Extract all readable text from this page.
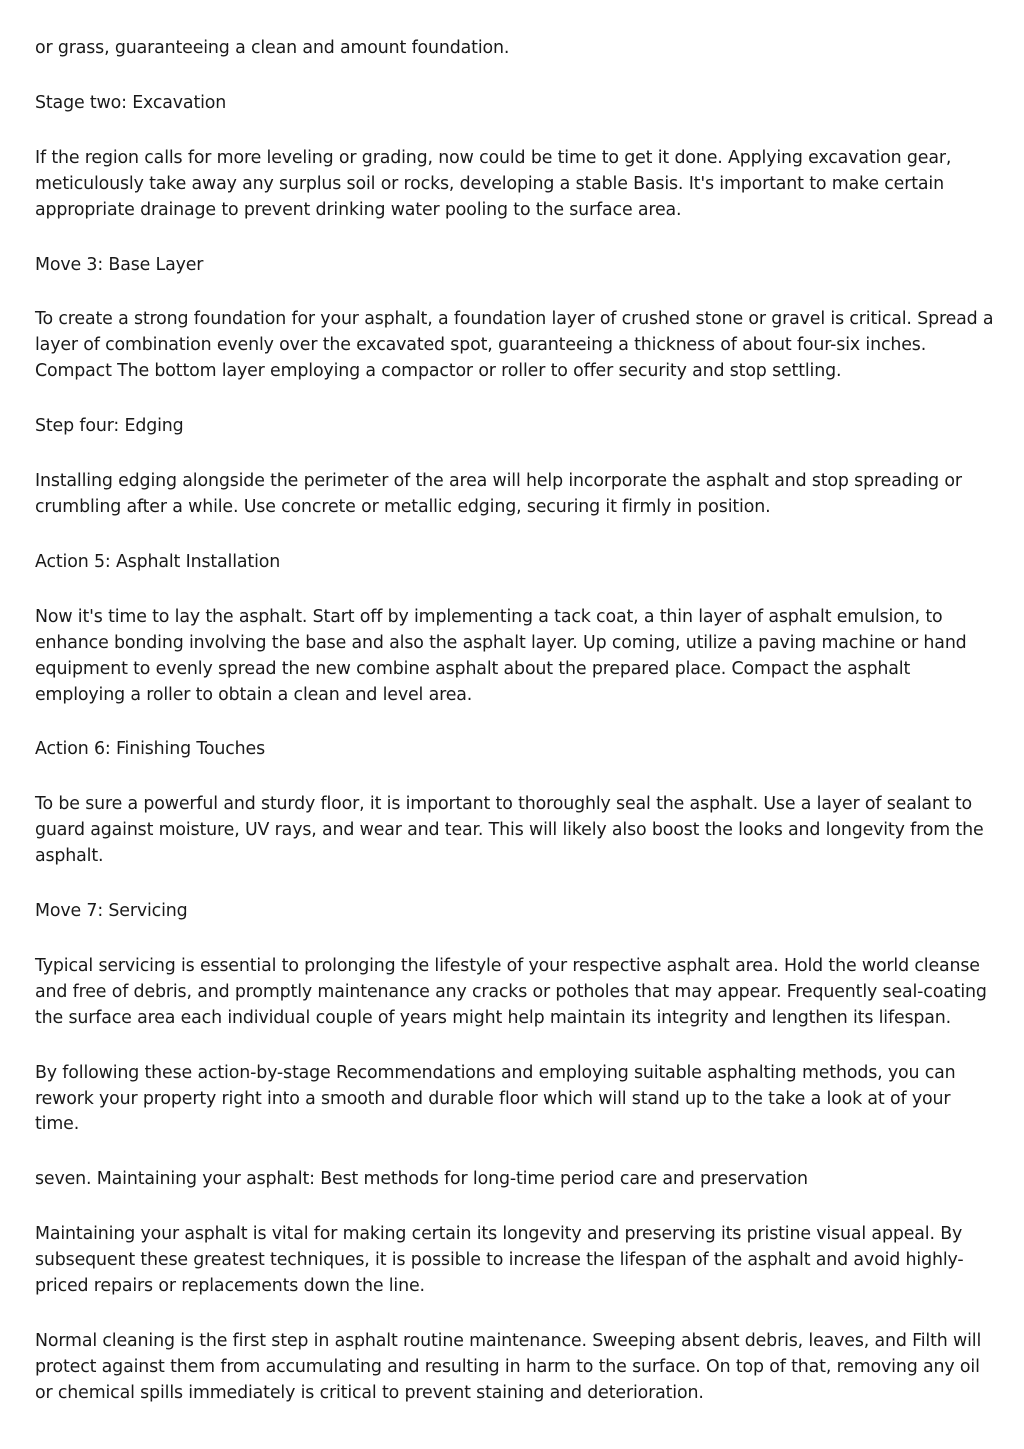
or grass, guaranteeing a clean and amount foundation.

Stage two: Excavation

If the region calls for more leveling or grading, now could be time to get it done. Applying excavation gear, meticulously take away any surplus soil or rocks, developing a stable Basis. It's important to make certain appropriate drainage to prevent drinking water pooling to the surface area.

Move 3: Base Layer

To create a strong foundation for your asphalt, a foundation layer of crushed stone or gravel is critical. Spread a layer of combination evenly over the excavated spot, guaranteeing a thickness of about four-six inches. Compact The bottom layer employing a compactor or roller to offer security and stop settling.

Step four: Edging

Installing edging alongside the perimeter of the area will help incorporate the asphalt and stop spreading or crumbling after a while. Use concrete or metallic edging, securing it firmly in position.

Action 5: Asphalt Installation

Now it's time to lay the asphalt. Start off by implementing a tack coat, a thin layer of asphalt emulsion, to enhance bonding involving the base and also the asphalt layer. Up coming, utilize a paving machine or hand equipment to evenly spread the new combine asphalt about the prepared place. Compact the asphalt employing a roller to obtain a clean and level area.

Action 6: Finishing Touches

To be sure a powerful and sturdy floor, it is important to thoroughly seal the asphalt. Use a layer of sealant to guard against moisture, UV rays, and wear and tear. This will likely also boost the looks and longevity from the asphalt.

Move 7: Servicing

Typical servicing is essential to prolonging the lifestyle of your respective asphalt area. Hold the world cleanse and free of debris, and promptly maintenance any cracks or potholes that may appear. Frequently seal-coating the surface area each individual couple of years might help maintain its integrity and lengthen its lifespan.

By following these action-by-stage Recommendations and employing suitable asphalting methods, you can rework your property right into a smooth and durable floor which will stand up to the take a look at of your time.

seven. Maintaining your asphalt: Best methods for long-time period care and preservation

Maintaining your asphalt is vital for making certain its longevity and preserving its pristine visual appeal. By subsequent these greatest techniques, it is possible to increase the lifespan of the asphalt and avoid highly-priced repairs or replacements down the line.

Normal cleaning is the first step in asphalt routine maintenance. Sweeping absent debris, leaves, and Filth will protect against them from accumulating and resulting in harm to the surface. On top of that, removing any oil or chemical spills immediately is critical to prevent staining and deterioration.
